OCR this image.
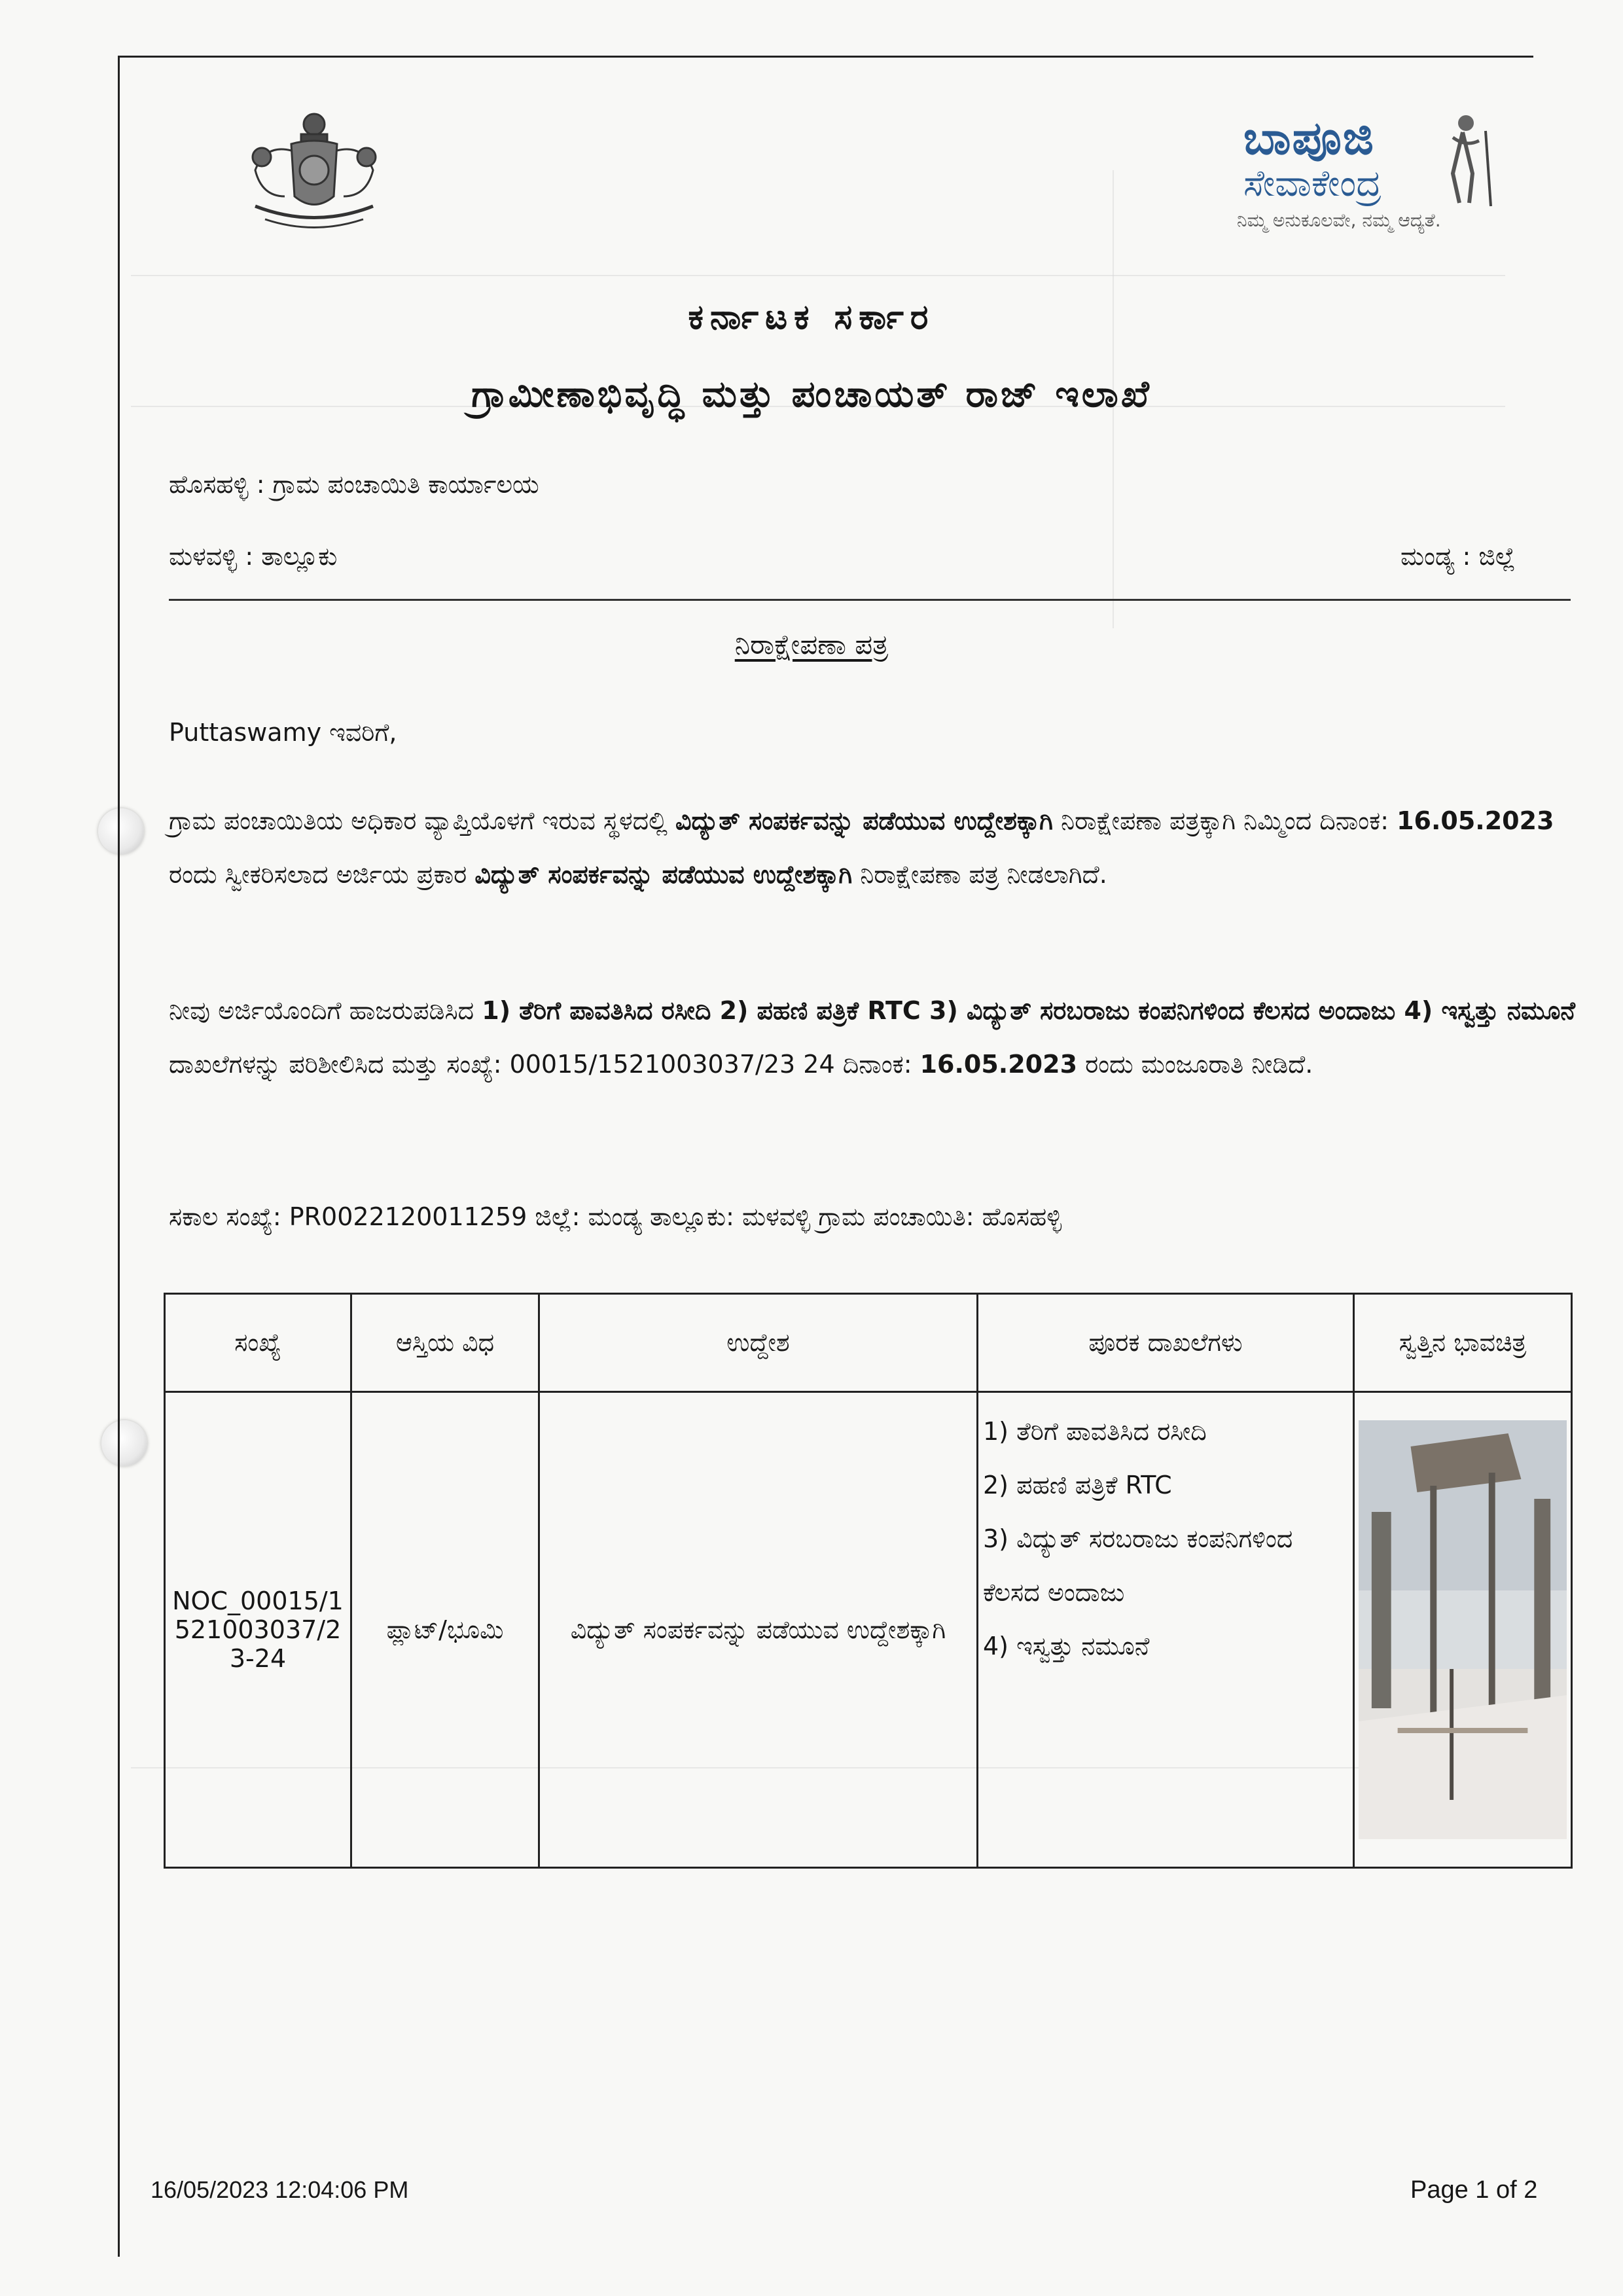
ಬಾಪೂಜಿ
ಸೇವಾಕೇಂದ್ರ
ನಿಮ್ಮ ಅನುಕೂಲವೇ, ನಮ್ಮ ಆದ್ಯತೆ.
ಕರ್ನಾಟಕ ಸರ್ಕಾರ
ಗ್ರಾಮೀಣಾಭಿವೃದ್ಧಿ ಮತ್ತು ಪಂಚಾಯತ್ ರಾಜ್ ಇಲಾಖೆ
ಹೊಸಹಳ್ಳಿ : ಗ್ರಾಮ ಪಂಚಾಯಿತಿ ಕಾರ್ಯಾಲಯ
ಮಳವಳ್ಳಿ : ತಾಲ್ಲೂಕು	ಮಂಡ್ಯ : ಜಿಲ್ಲೆ
ನಿರಾಕ್ಷೇಪಣಾ ಪತ್ರ
Puttaswamy ಇವರಿಗೆ,
ಗ್ರಾಮ ಪಂಚಾಯಿತಿಯ ಅಧಿಕಾರ ವ್ಯಾಪ್ತಿಯೊಳಗೆ ಇರುವ ಸ್ಥಳದಲ್ಲಿ ವಿದ್ಯುತ್ ಸಂಪರ್ಕವನ್ನು ಪಡೆಯುವ ಉದ್ದೇಶಕ್ಕಾಗಿ ನಿರಾಕ್ಷೇಪಣಾ ಪತ್ರಕ್ಕಾಗಿ ನಿಮ್ಮಿಂದ ದಿನಾಂಕ: 16.05.2023 ರಂದು ಸ್ವೀಕರಿಸಲಾದ ಅರ್ಜಿಯ ಪ್ರಕಾರ ವಿದ್ಯುತ್ ಸಂಪರ್ಕವನ್ನು ಪಡೆಯುವ ಉದ್ದೇಶಕ್ಕಾಗಿ ನಿರಾಕ್ಷೇಪಣಾ ಪತ್ರ ನೀಡಲಾಗಿದೆ.
ನೀವು ಅರ್ಜಿಯೊಂದಿಗೆ ಹಾಜರುಪಡಿಸಿದ 1) ತೆರಿಗೆ ಪಾವತಿಸಿದ ರಸೀದಿ 2) ಪಹಣಿ ಪತ್ರಿಕೆ RTC 3) ವಿದ್ಯುತ್ ಸರಬರಾಜು ಕಂಪನಿಗಳಿಂದ ಕೆಲಸದ ಅಂದಾಜು 4) ಇಸ್ವತ್ತು ನಮೂನೆ ದಾಖಲೆಗಳನ್ನು ಪರಿಶೀಲಿಸಿದ ಮತ್ತು ಸಂಖ್ಯೆ: 00015/1521003037/23 24 ದಿನಾಂಕ: 16.05.2023 ರಂದು ಮಂಜೂರಾತಿ ನೀಡಿದೆ.
ಸಕಾಲ ಸಂಖ್ಯೆ: PR0022120011259 ಜಿಲ್ಲೆ: ಮಂಡ್ಯ ತಾಲ್ಲೂಕು: ಮಳವಳ್ಳಿ ಗ್ರಾಮ ಪಂಚಾಯಿತಿ: ಹೊಸಹಳ್ಳಿ
ಸಂಖ್ಯೆ	ಆಸ್ತಿಯ ವಿಧ	ಉದ್ದೇಶ	ಪೂರಕ ದಾಖಲೆಗಳು	ಸ್ವತ್ತಿನ ಭಾವಚಿತ್ರ
NOC_00015/1521003037/23-24	ಪ್ಲಾಟ್/ಭೂಮಿ	ವಿದ್ಯುತ್ ಸಂಪರ್ಕವನ್ನು ಪಡೆಯುವ ಉದ್ದೇಶಕ್ಕಾಗಿ	1) ತೆರಿಗೆ ಪಾವತಿಸಿದ ರಸೀದಿ
2) ಪಹಣಿ ಪತ್ರಿಕೆ RTC
3) ವಿದ್ಯುತ್ ಸರಬರಾಜು ಕಂಪನಿಗಳಿಂದ ಕೆಲಸದ ಅಂದಾಜು
4) ಇಸ್ವತ್ತು ನಮೂನೆ

16/05/2023 12:04:06 PM	Page 1 of 2
